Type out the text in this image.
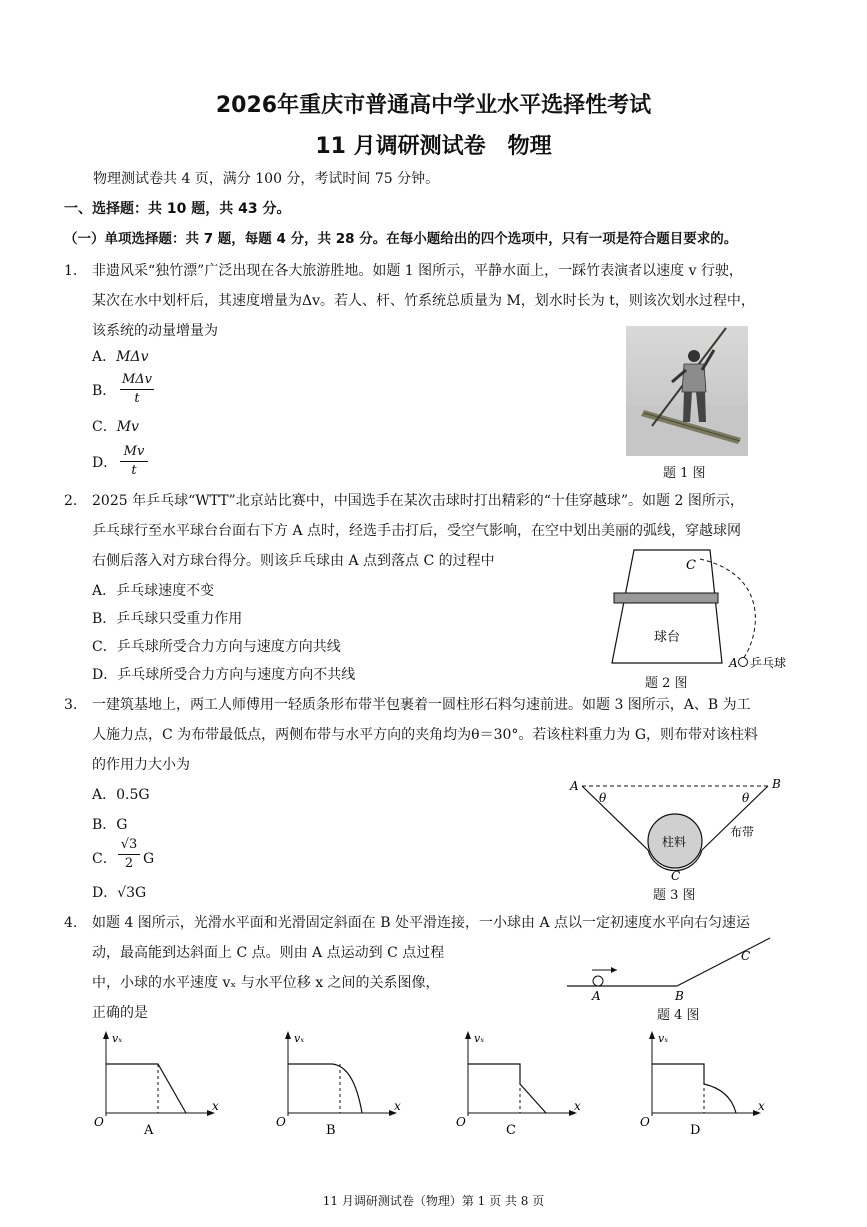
2026年重庆市普通高中学业水平选择性考试
11 月调研测试卷　物理
物理测试卷共 4 页，满分 100 分，考试时间 75 分钟。
一、选择题：共 10 题，共 43 分。
（一）单项选择题：共 7 题，每题 4 分，共 28 分。在每小题给出的四个选项中，只有一项是符合题目要求的。
1. 非遗风采“独竹漂”广泛出现在各大旅游胜地。如题 1 图所示，平静水面上，一踩竹表演者以速度 v 行驶，
某次在水中划杆后，其速度增量为Δv。若人、杆、竹系统总质量为 M，划水时长为 t，则该次划水过程中，
该系统的动量增量为
A．MΔv
B．
MΔv
t
C．Mv
D．
Mv
t	题 1 图
2. 2025 年乒乓球“WTT”北京站比赛中，中国选手在某次击球时打出精彩的“十佳穿越球”。如题 2 图所示，
乒乓球行至水平球台台面右下方 A 点时，经选手击打后，受空气影响，在空中划出美丽的弧线，穿越球网
右侧后落入对方球台得分。则该乒乓球由 A 点到落点 C 的过程中
A．乒乓球速度不变
B．乒乓球只受重力作用
C．乒乓球所受合力方向与速度方向共线
D．乒乓球所受合力方向与速度方向不共线
C
球台
A 乒乓球
题 2 图
3. 一建筑基地上，两工人师傅用一轻质条形布带半包裹着一圆柱形石料匀速前进。如题 3 图所示，A、B 为工
人施力点，C 为布带最低点，两侧布带与水平方向的夹角均为θ＝30°。若该柱料重力为 G，则布带对该柱料
的作用力大小为
A．0.5G
B．G
C．
√3
2 G
D．√3G
A	B
θ	θ
柱料
布带
C
题 3 图
4. 如题 4 图所示，光滑水平面和光滑固定斜面在 B 处平滑连接，一小球由 A 点以一定初速度水平向右匀速运
动，最高能到达斜面上 C 点。则由 A 点运动到 C 点过程
中，小球的水平速度 vₓ 与水平位移 x 之间的关系图像，
正确的是
A	B
C
题 4 图
vₓ
x
O
A
vₓ
x
O
B
vₓ
x
O
C
vₓ
x
O
D
11 月调研测试卷（物理）第 1 页 共 8 页
